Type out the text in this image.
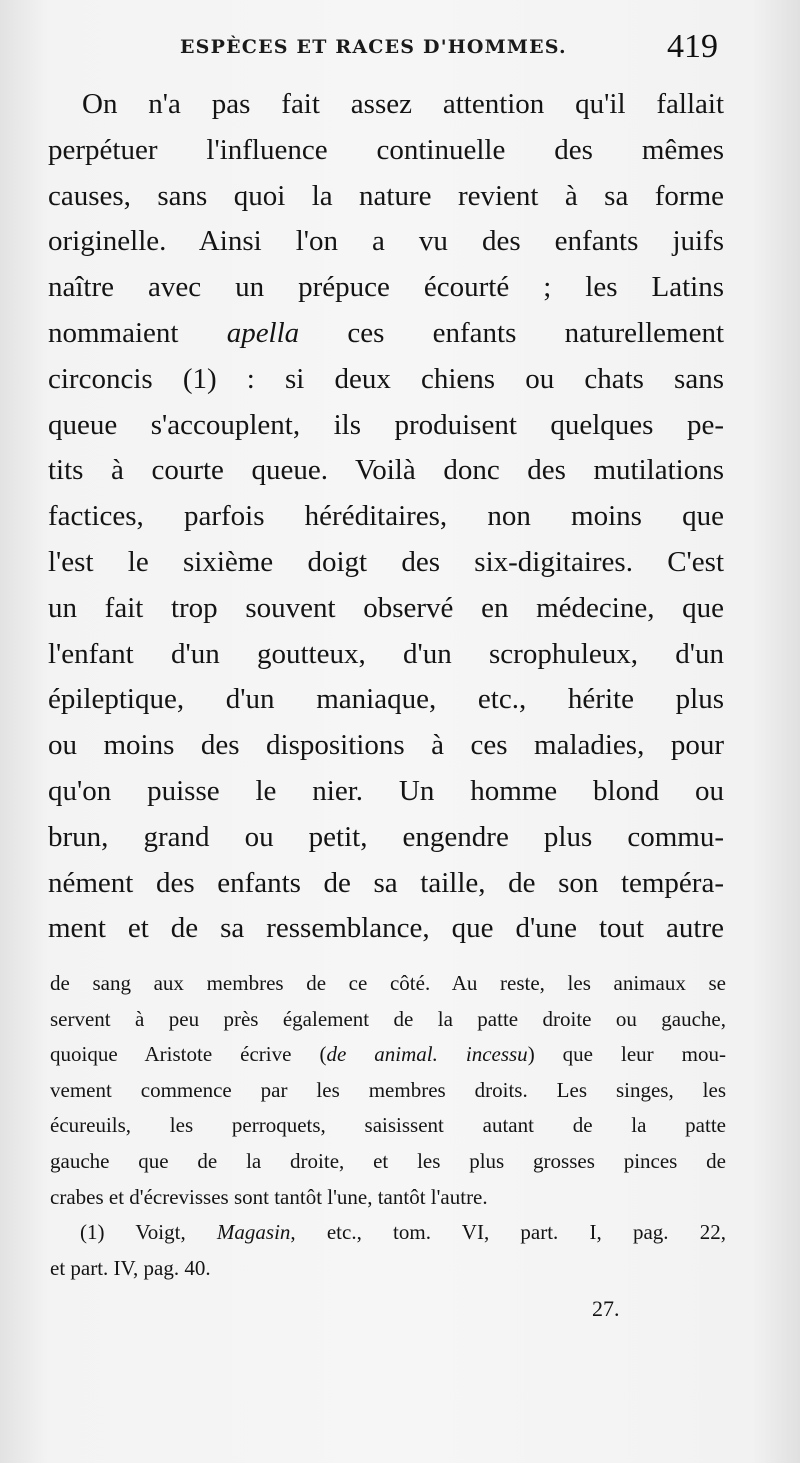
ESPÈCES ET RACES D'HOMMES.	419
On n'a pas fait assez attention qu'il fallait
perpétuer l'influence continuelle des mêmes
causes, sans quoi la nature revient à sa forme
originelle. Ainsi l'on a vu des enfants juifs
naître avec un prépuce écourté ; les Latins
nommaient apella ces enfants naturellement
circoncis (1) : si deux chiens ou chats sans
queue s'accouplent, ils produisent quelques pe-
tits à courte queue. Voilà donc des mutilations
factices, parfois héréditaires, non moins que
l'est le sixième doigt des six-digitaires. C'est
un fait trop souvent observé en médecine, que
l'enfant d'un goutteux, d'un scrophuleux, d'un
épileptique, d'un maniaque, etc., hérite plus
ou moins des dispositions à ces maladies, pour
qu'on puisse le nier. Un homme blond ou
brun, grand ou petit, engendre plus commu-
nément des enfants de sa taille, de son tempéra-
ment et de sa ressemblance, que d'une tout autre
de sang aux membres de ce côté. Au reste, les animaux se
servent à peu près également de la patte droite ou gauche,
quoique Aristote écrive (de animal. incessu) que leur mou-
vement commence par les membres droits. Les singes, les
écureuils, les perroquets, saisissent autant de la patte
gauche que de la droite, et les plus grosses pinces de
crabes et d'écrevisses sont tantôt l'une, tantôt l'autre.
(1) Voigt, Magasin, etc., tom. VI, part. I, pag. 22,
et part. IV, pag. 40.
27.
